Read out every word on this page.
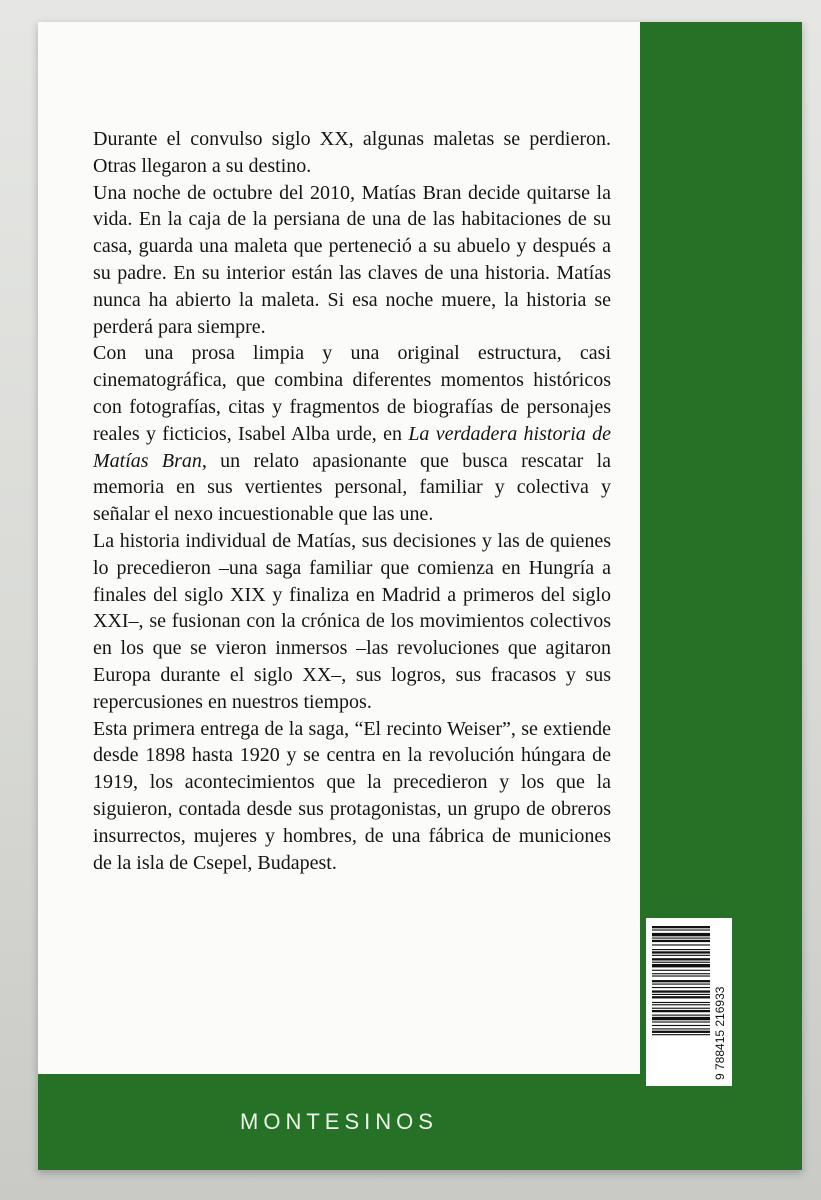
MONTESINOS

Durante el convulso siglo XX, algunas maletas se perdieron. Otras llegaron a su destino.

Una noche de octubre del 2010, Matías Bran decide quitarse la vida. En la caja de la persiana de una de las habitaciones de su casa, guarda una maleta que perteneció a su abuelo y después a su padre. En su interior están las claves de una historia. Matías nunca ha abierto la maleta. Si esa noche muere, la historia se perderá para siempre.

Con una prosa limpia y una original estructura, casi cinematográfica, que combina diferentes momentos históricos con fotografías, citas y fragmentos de biografías de personajes reales y ficticios, Isabel Alba urde, en La verdadera historia de Matías Bran, un relato apasionante que busca rescatar la memoria en sus vertientes personal, familiar y colectiva y señalar el nexo incuestionable que las une.

La historia individual de Matías, sus decisiones y las de quienes lo precedieron –una saga familiar que comienza en Hungría a finales del siglo XIX y finaliza en Madrid a primeros del siglo XXI–, se fusionan con la crónica de los movimientos colectivos en los que se vieron inmersos –las revoluciones que agitaron Europa durante el siglo XX–, sus logros, sus fracasos y sus repercusiones en nuestros tiempos.

Esta primera entrega de la saga, “El recinto Weiser”, se extiende desde 1898 hasta 1920 y se centra en la revolución húngara de 1919, los acontecimientos que la precedieron y los que la siguieron, contada desde sus protagonistas, un grupo de obreros insurrectos, mujeres y hombres, de una fábrica de municiones de la isla de Csepel, Budapest.

9 788415 216933
